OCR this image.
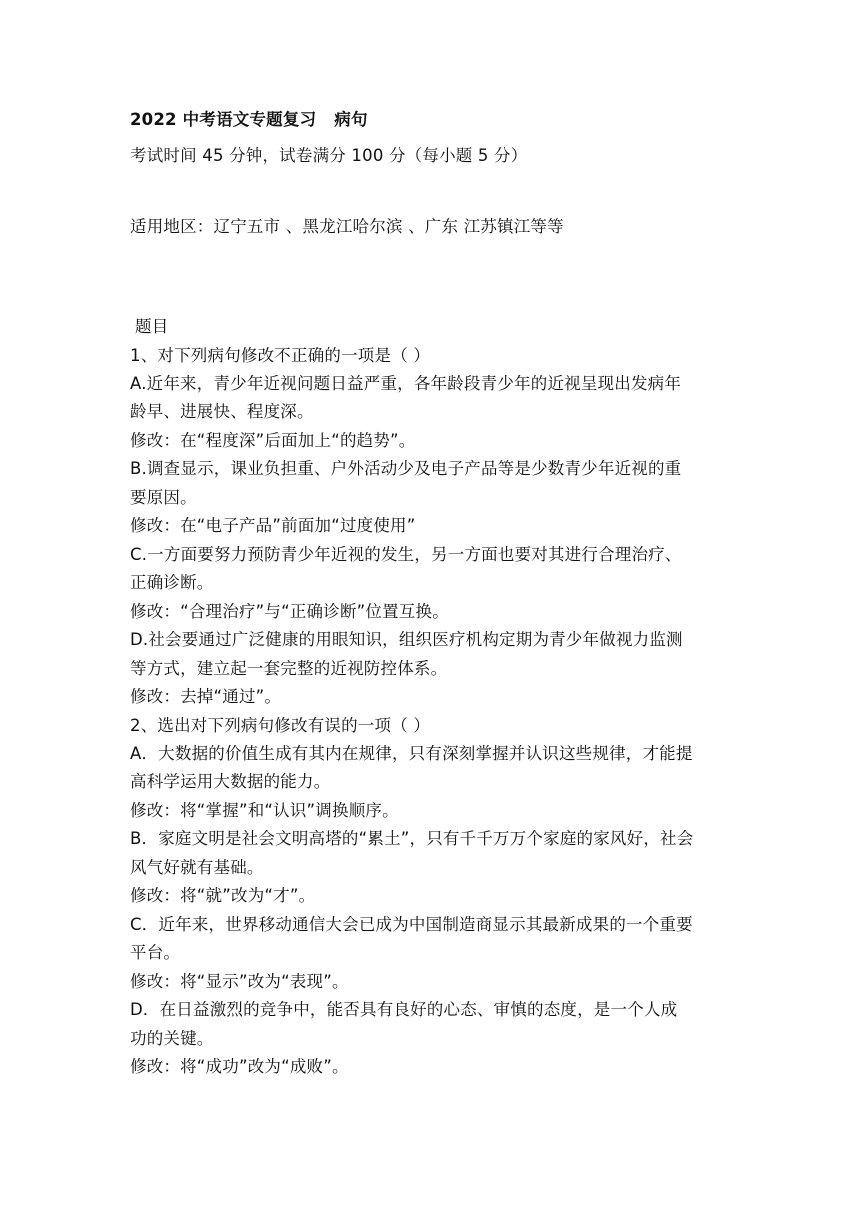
2022 中考语文专题复习 病句
考试时间 45 分钟，试卷满分 100 分（每小题 5 分）
适用地区：辽宁五市 、黑龙江哈尔滨 、广东 江苏镇江等等
题目
1、对下列病句修改不正确的一项是（ ）
A.近年来，青少年近视问题日益严重，各年龄段青少年的近视呈现出发病年
龄早、进展快、程度深。
修改：在“程度深”后面加上“的趋势”。
B.调查显示，课业负担重、户外活动少及电子产品等是少数青少年近视的重
要原因。
修改：在“电子产品”前面加“过度使用”
C.一方面要努力预防青少年近视的发生，另一方面也要对其进行合理治疗、
正确诊断。
修改：“合理治疗”与“正确诊断”位置互换。
D.社会要通过广泛健康的用眼知识，组织医疗机构定期为青少年做视力监测
等方式，建立起一套完整的近视防控体系。
修改：去掉“通过”。
2、选出对下列病句修改有误的一项（ ）
A．大数据的价值生成有其内在规律，只有深刻掌握并认识这些规律，才能提
高科学运用大数据的能力。
修改：将“掌握”和“认识”调换顺序。
B．家庭文明是社会文明高塔的“累土”，只有千千万万个家庭的家风好，社会
风气好就有基础。
修改：将“就”改为“才”。
C．近年来，世界移动通信大会已成为中国制造商显示其最新成果的一个重要
平台。
修改：将“显示”改为“表现”。
D．在日益激烈的竞争中，能否具有良好的心态、审慎的态度，是一个人成
功的关键。
修改：将“成功”改为“成败”。
